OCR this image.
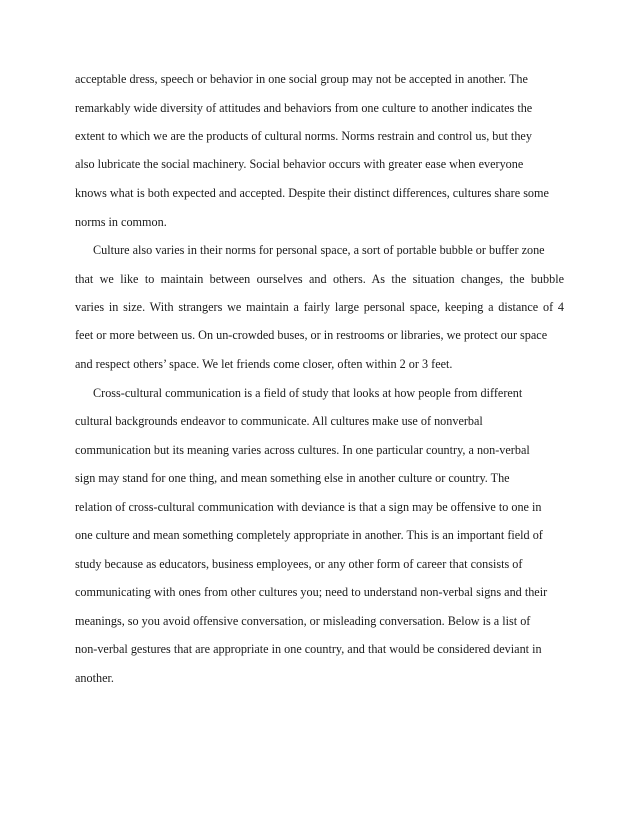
acceptable dress, speech or behavior in one social group may not be accepted in another. The

remarkably wide diversity of attitudes and behaviors from one culture to another indicates the

extent to which we are the products of cultural norms. Norms restrain and control us, but they

also lubricate the social machinery. Social behavior occurs with greater ease when everyone

knows what is both expected and accepted. Despite their distinct differences, cultures share some

norms in common.

Culture also varies in their norms for personal space, a sort of portable bubble or buffer zone

that we like to maintain between ourselves and others. As the situation changes, the bubble

varies in size. With strangers we maintain a fairly large personal space, keeping a distance of 4

feet or more between us. On un-crowded buses, or in restrooms or libraries, we protect our space

and respect others’ space. We let friends come closer, often within 2 or 3 feet.

Cross-cultural communication is a field of study that looks at how people from different

cultural backgrounds endeavor to communicate. All cultures make use of nonverbal

communication but its meaning varies across cultures. In one particular country, a non-verbal

sign may stand for one thing, and mean something else in another culture or country. The

relation of cross-cultural communication with deviance is that a sign may be offensive to one in

one culture and mean something completely appropriate in another. This is an important field of

study because as educators, business employees, or any other form of career that consists of

communicating with ones from other cultures you; need to understand non-verbal signs and their

meanings, so you avoid offensive conversation, or misleading conversation. Below is a list of

non-verbal gestures that are appropriate in one country, and that would be considered deviant in

another.
